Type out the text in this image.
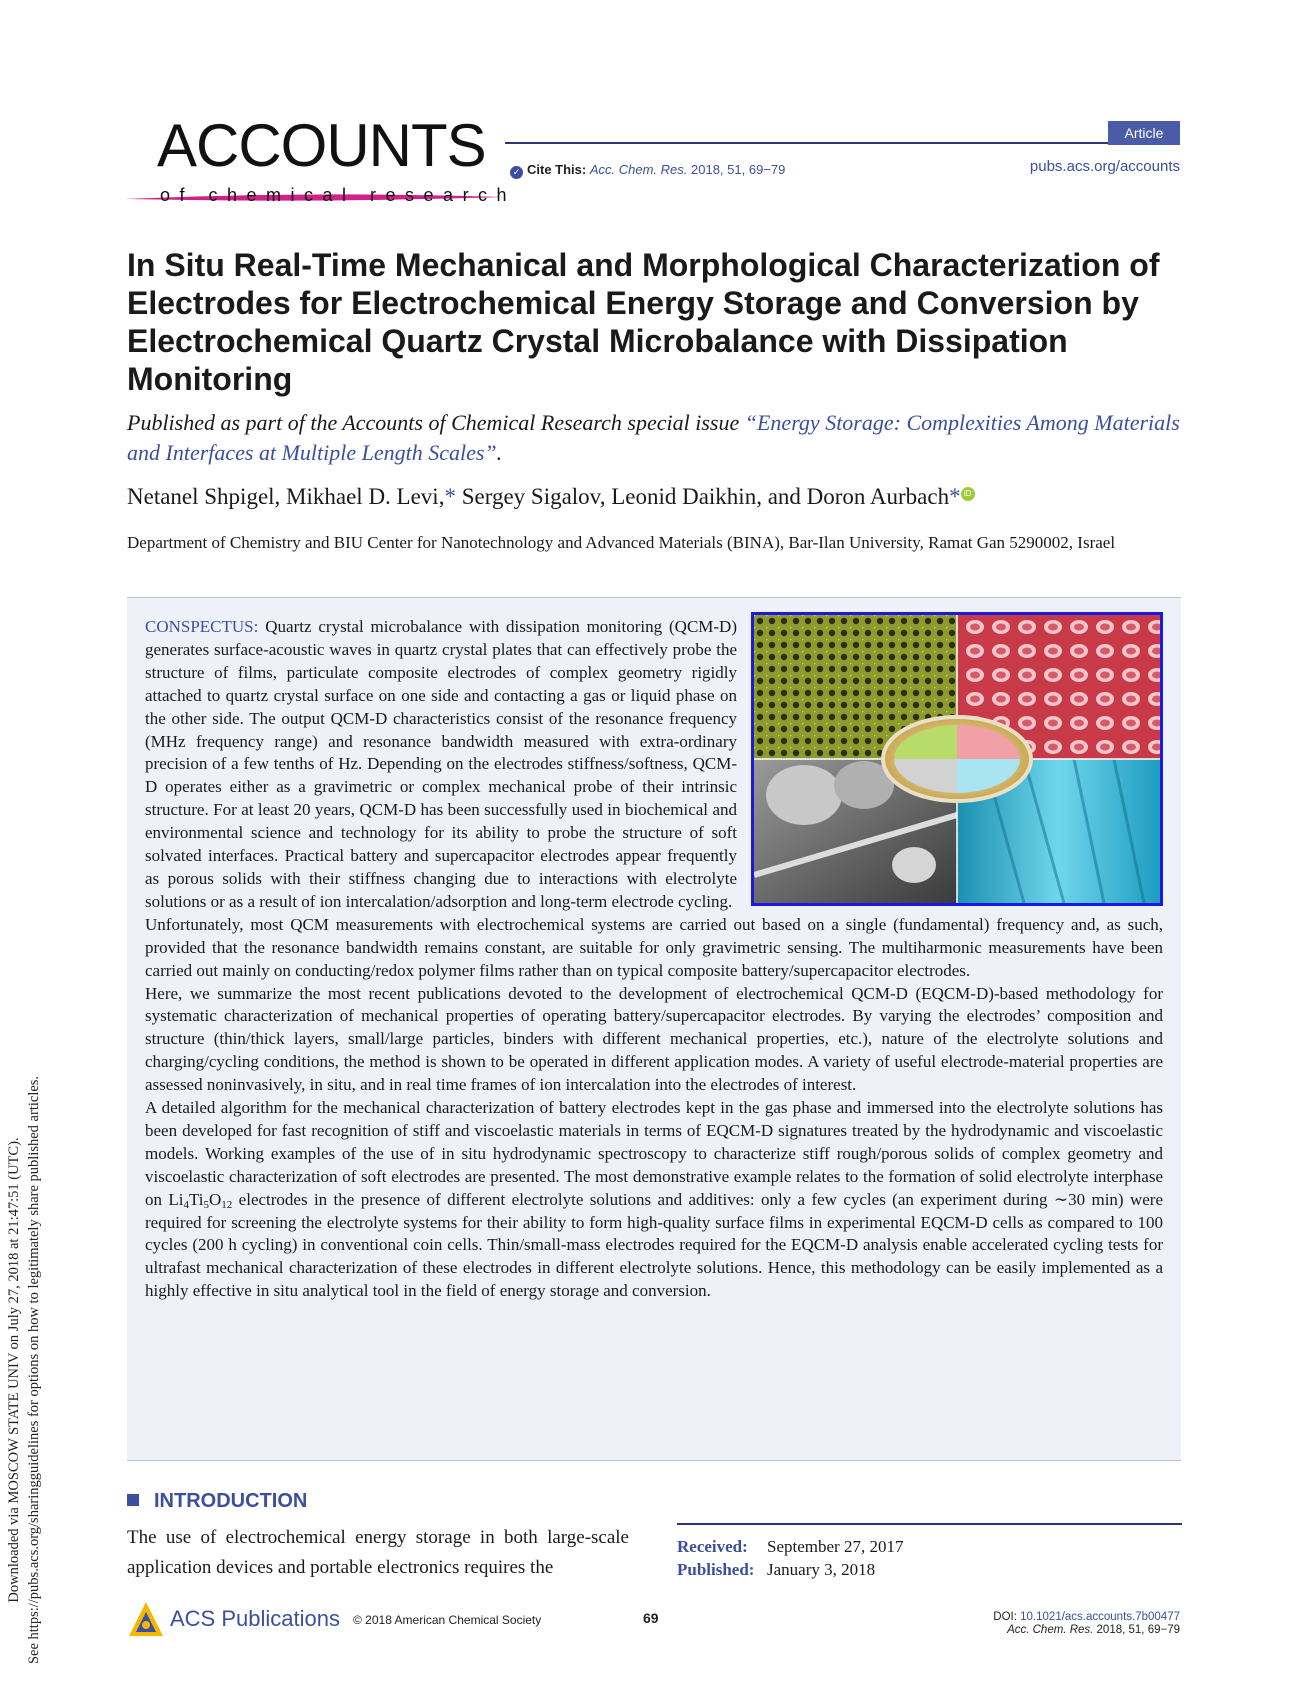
Downloaded via MOSCOW STATE UNIV on July 27, 2018 at 21:47:51 (UTC). See https://pubs.acs.org/sharingguidelines for options on how to legitimately share published articles.
ACCOUNTS
of chemical research
Article
✓ Cite This: Acc. Chem. Res. 2018, 51, 69−79	pubs.acs.org/accounts
In Situ Real-Time Mechanical and Morphological Characterization of Electrodes for Electrochemical Energy Storage and Conversion by Electrochemical Quartz Crystal Microbalance with Dissipation Monitoring
Published as part of the Accounts of Chemical Research special issue “Energy Storage: Complexities Among Materials and Interfaces at Multiple Length Scales”.
Netanel Shpigel, Mikhael D. Levi,* Sergey Sigalov, Leonid Daikhin, and Doron Aurbach* iD
Department of Chemistry and BIU Center for Nanotechnology and Advanced Materials (BINA), Bar-Ilan University, Ramat Gan 5290002, Israel

CONSPECTUS: Quartz crystal microbalance with dissipation monitoring (QCM-D) generates surface-acoustic waves in quartz crystal plates that can effectively probe the structure of films, particulate composite electrodes of complex geometry rigidly attached to quartz crystal surface on one side and contacting a gas or liquid phase on the other side. The output QCM-D characteristics consist of the resonance frequency (MHz frequency range) and resonance bandwidth measured with extra-ordinary precision of a few tenths of Hz. Depending on the electrodes stiffness/softness, QCM-D operates either as a gravimetric or complex mechanical probe of their intrinsic structure. For at least 20 years, QCM-D has been successfully used in biochemical and environmental science and technology for its ability to probe the structure of soft solvated interfaces. Practical battery and supercapacitor electrodes appear frequently as porous solids with their stiffness changing due to interactions with electrolyte solutions or as a result of ion intercalation/adsorption and long-term electrode cycling.

Unfortunately, most QCM measurements with electrochemical systems are carried out based on a single (fundamental) frequency and, as such, provided that the resonance bandwidth remains constant, are suitable for only gravimetric sensing. The multiharmonic measurements have been carried out mainly on conducting/redox polymer films rather than on typical composite battery/supercapacitor electrodes.

Here, we summarize the most recent publications devoted to the development of electrochemical QCM-D (EQCM-D)-based methodology for systematic characterization of mechanical properties of operating battery/supercapacitor electrodes. By varying the electrodes’ composition and structure (thin/thick layers, small/large particles, binders with different mechanical properties, etc.), nature of the electrolyte solutions and charging/cycling conditions, the method is shown to be operated in different application modes. A variety of useful electrode-material properties are assessed noninvasively, in situ, and in real time frames of ion intercalation into the electrodes of interest.

A detailed algorithm for the mechanical characterization of battery electrodes kept in the gas phase and immersed into the electrolyte solutions has been developed for fast recognition of stiff and viscoelastic materials in terms of EQCM-D signatures treated by the hydrodynamic and viscoelastic models. Working examples of the use of in situ hydrodynamic spectroscopy to characterize stiff rough/porous solids of complex geometry and viscoelastic characterization of soft electrodes are presented. The most demonstrative example relates to the formation of solid electrolyte interphase on $Li_4Ti_5O_{12}$ electrodes in the presence of different electrolyte solutions and additives: only a few cycles (an experiment during ∼30 min) were required for screening the electrolyte systems for their ability to form high-quality surface films in experimental EQCM-D cells as compared to 100 cycles (200 h cycling) in conventional coin cells. Thin/small-mass electrodes required for the EQCM-D analysis enable accelerated cycling tests for ultrafast mechanical characterization of these electrodes in different electrolyte solutions. Hence, this methodology can be easily implemented as a highly effective in situ analytical tool in the field of energy storage and conversion.

INTRODUCTION
The use of electrochemical energy storage in both large-scale application devices and portable electronics requires the
Received: September 27, 2017
Published: January 3, 2018
ACS Publications © 2018 American Chemical Society	69	DOI: 10.1021/acs.accounts.7b00477
Acc. Chem. Res. 2018, 51, 69−79
